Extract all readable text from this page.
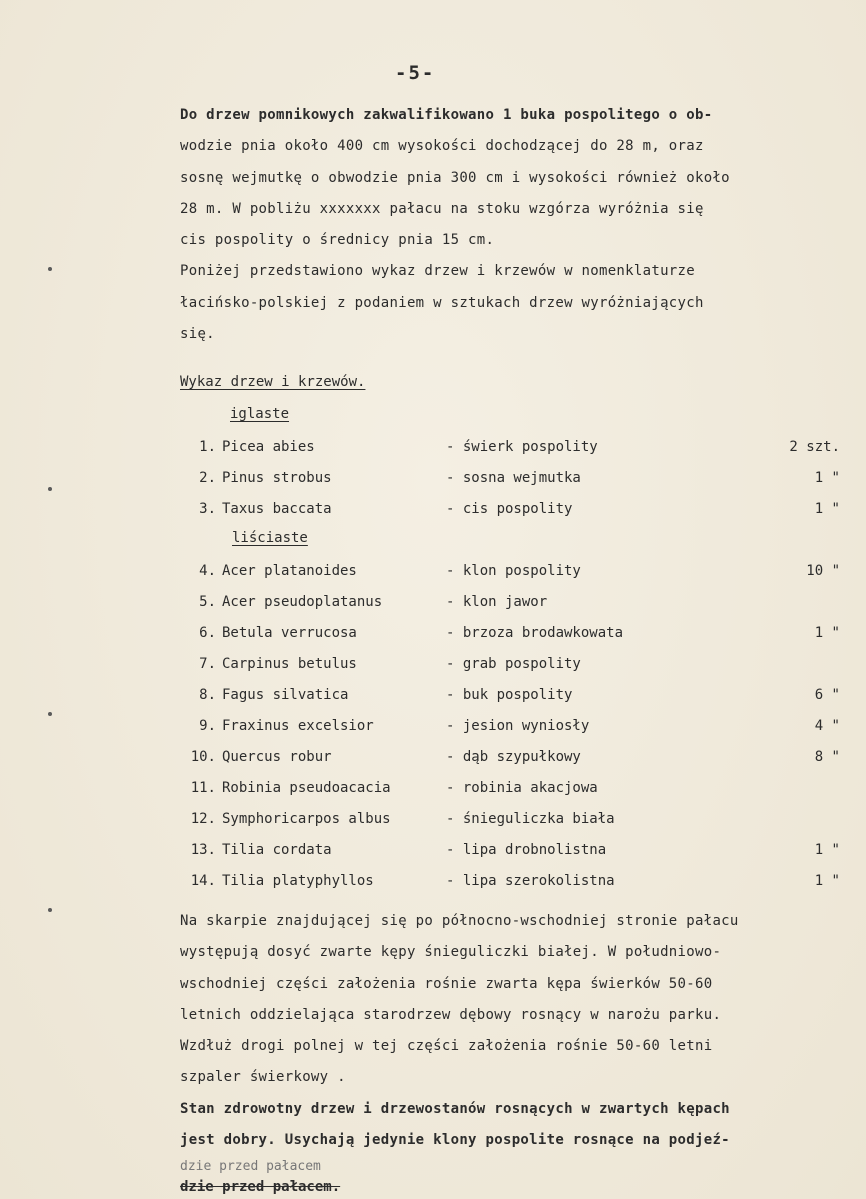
-5-
Do drzew pomnikowych zakwalifikowano 1 buka pospolitego o ob-
wodzie pnia około 400 cm wysokości dochodzącej do 28 m, oraz
sosnę wejmutkę o obwodzie pnia 300 cm i wysokości również około
28 m. W pobliżu xxxxxxx pałacu na stoku wzgórza wyróżnia się
cis pospolity o średnicy pnia 15 cm.
Poniżej przedstawiono wykaz drzew i krzewów w nomenklaturze
łacińsko-polskiej z podaniem w sztukach drzew wyróżniających
się.
Wykaz drzew i krzewów.
iglaste
1. Picea abies	- świerk pospolity	2 szt.
2. Pinus strobus	- sosna wejmutka	1 "
3. Taxus baccata	- cis pospolity	1 "
liściaste
4. Acer platanoides	- klon pospolity	10 "
5. Acer pseudoplatanus	- klon jawor
6. Betula verrucosa	- brzoza brodawkowata	1 "
7. Carpinus betulus	- grab pospolity
8. Fagus silvatica	- buk pospolity	6 "
9. Fraxinus excelsior	- jesion wyniosły	4 "
10. Quercus robur	- dąb szypułkowy	8 "
11. Robinia pseudoacacia	- robinia akacjowa
12. Symphoricarpos albus	- śnieguliczka biała
13. Tilia cordata	- lipa drobnolistna	1 "
14. Tilia platyphyllos	- lipa szerokolistna	1 "
Na skarpie znajdującej się po północno-wschodniej stronie pałacu
występują dosyć zwarte kępy śnieguliczki białej. W południowo-
wschodniej części założenia rośnie zwarta kępa świerków 50-60
letnich oddzielająca starodrzew dębowy rosnący w narożu parku.
Wzdłuż drogi polnej w tej części założenia rośnie 50-60 letni
szpaler świerkowy .
Stan zdrowotny drzew i drzewostanów rosnących w zwartych kępach
jest dobry. Usychają jedynie klony pospolite rosnące na podjeź-
dzie przed pałacem
dzie przed pałacem.
